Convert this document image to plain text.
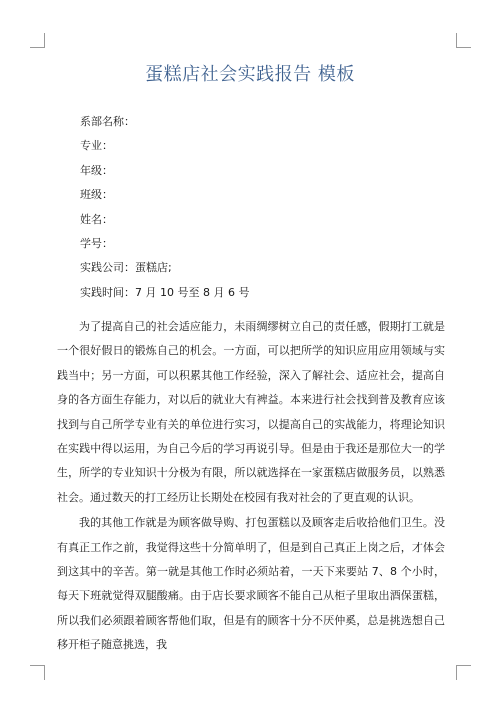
蛋糕店社会实践报告 模板
系部名称：
专业：
年级：
班级：
姓名：
学号：
实践公司：蛋糕店;
实践时间：7 月 10 号至 8 月 6 号

为了提高自己的社会适应能力，未雨绸缪树立自己的责任感，假期打工就是一个很好假日的锻炼自己的机会。一方面，可以把所学的知识应用应用领域与实践当中；另一方面，可以积累其他工作经验，深入了解社会、适应社会，提高自身的各方面生存能力，对以后的就业大有裨益。本来进行社会找到普及教育应该找到与自己所学专业有关的单位进行实习，以提高自己的实战能力，将理论知识在实践中得以运用，为自己今后的学习再说引导。但是由于我还是那位大一的学生，所学的专业知识十分极为有限，所以就选择在一家蛋糕店做服务员，以熟悉社会。通过数天的打工经历让长期处在校园有我对社会的了更直观的认识。

我的其他工作就是为顾客做导购、打包蛋糕以及顾客走后收拾他们卫生。没有真正工作之前，我觉得这些十分简单明了，但是到自己真正上岗之后，才体会到这其中的辛苦。第一就是其他工作时必须站着，一天下来要站 7、8 个小时，每天下班就觉得双腿酸痛。由于店长要求顾客不能自己从柜子里取出酒保蛋糕，所以我们必须跟着顾客帮他们取，但是有的顾客十分不厌仲奚，总是挑选想自己移开柜子随意挑选，我
